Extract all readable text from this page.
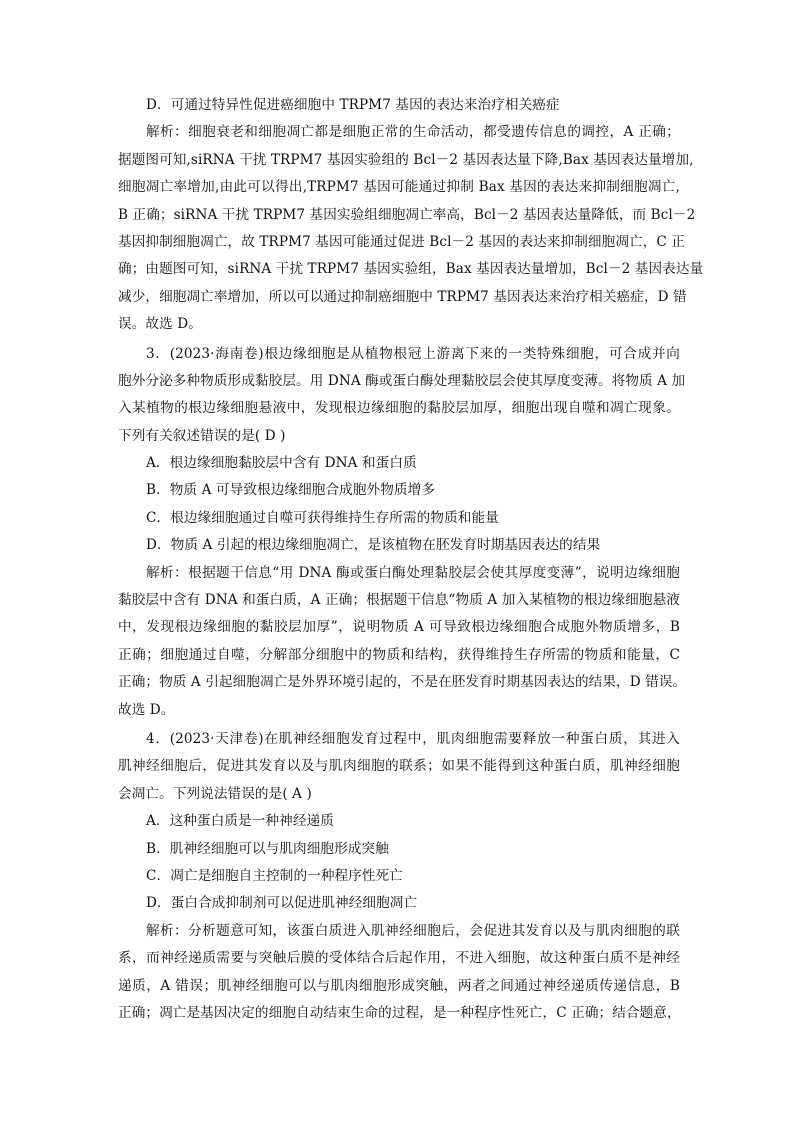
D．可通过特异性促进癌细胞中 TRPM7 基因的表达来治疗相关癌症
解析：细胞衰老和细胞凋亡都是细胞正常的生命活动，都受遗传信息的调控，A 正确；
据题图可知,siRNA 干扰 TRPM7 基因实验组的 Bcl－2 基因表达量下降,Bax 基因表达量增加,
细胞凋亡率增加,由此可以得出,TRPM7 基因可能通过抑制 Bax 基因的表达来抑制细胞凋亡,
B 正确；siRNA 干扰 TRPM7 基因实验组细胞凋亡率高，Bcl－2 基因表达量降低，而 Bcl－2
基因抑制细胞凋亡，故 TRPM7 基因可能通过促进 Bcl－2 基因的表达来抑制细胞凋亡，C 正
确；由题图可知，siRNA 干扰 TRPM7 基因实验组，Bax 基因表达量增加，Bcl－2 基因表达量
减少，细胞凋亡率增加，所以可以通过抑制癌细胞中 TRPM7 基因表达来治疗相关癌症，D 错
误。故选 D。
3．(2023·海南卷)根边缘细胞是从植物根冠上游离下来的一类特殊细胞，可合成并向
胞外分泌多种物质形成黏胶层。用 DNA 酶或蛋白酶处理黏胶层会使其厚度变薄。将物质 A 加
入某植物的根边缘细胞悬液中，发现根边缘细胞的黏胶层加厚，细胞出现自噬和凋亡现象。
下列有关叙述错误的是( D )
A．根边缘细胞黏胶层中含有 DNA 和蛋白质
B．物质 A 可导致根边缘细胞合成胞外物质增多
C．根边缘细胞通过自噬可获得维持生存所需的物质和能量
D．物质 A 引起的根边缘细胞凋亡，是该植物在胚发育时期基因表达的结果
解析：根据题干信息“用 DNA 酶或蛋白酶处理黏胶层会使其厚度变薄”，说明边缘细胞
黏胶层中含有 DNA 和蛋白质，A 正确；根据题干信息“物质 A 加入某植物的根边缘细胞悬液
中，发现根边缘细胞的黏胶层加厚”，说明物质 A 可导致根边缘细胞合成胞外物质增多，B
正确；细胞通过自噬，分解部分细胞中的物质和结构，获得维持生存所需的物质和能量，C
正确；物质 A 引起细胞凋亡是外界环境引起的，不是在胚发育时期基因表达的结果，D 错误。
故选 D。
4．(2023·天津卷)在肌神经细胞发育过程中，肌肉细胞需要释放一种蛋白质，其进入
肌神经细胞后，促进其发育以及与肌肉细胞的联系；如果不能得到这种蛋白质，肌神经细胞
会凋亡。下列说法错误的是( A )
A．这种蛋白质是一种神经递质
B．肌神经细胞可以与肌肉细胞形成突触
C．凋亡是细胞自主控制的一种程序性死亡
D．蛋白合成抑制剂可以促进肌神经细胞凋亡
解析：分析题意可知，该蛋白质进入肌神经细胞后，会促进其发育以及与肌肉细胞的联
系，而神经递质需要与突触后膜的受体结合后起作用，不进入细胞，故这种蛋白质不是神经
递质，A 错误；肌神经细胞可以与肌肉细胞形成突触，两者之间通过神经递质传递信息，B
正确；凋亡是基因决定的细胞自动结束生命的过程，是一种程序性死亡，C 正确；结合题意，
